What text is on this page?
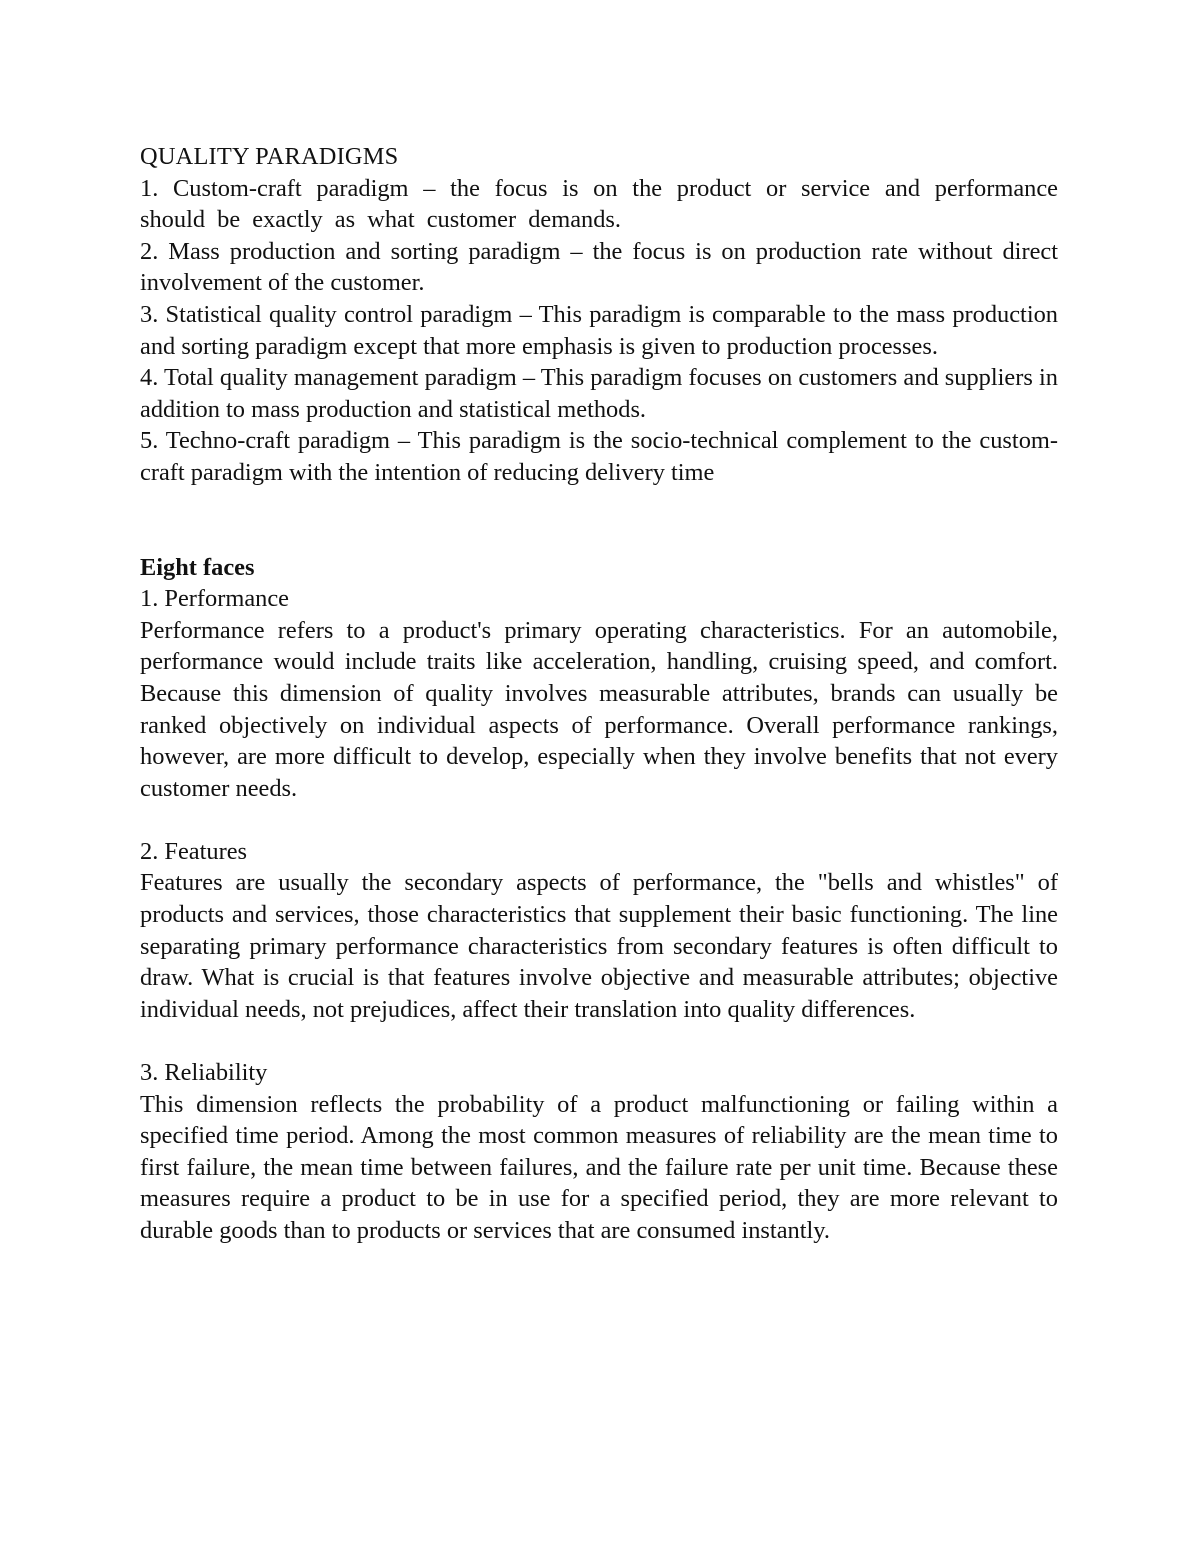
QUALITY PARADIGMS

1. Custom-craft paradigm – the focus is on the product or service and performance should be exactly as what customer demands.

2. Mass production and sorting paradigm – the focus is on production rate without direct involvement of the customer.

3. Statistical quality control paradigm – This paradigm is comparable to the mass production and sorting paradigm except that more emphasis is given to production processes.

4. Total quality management paradigm – This paradigm focuses on customers and suppliers in addition to mass production and statistical methods.

5. Techno-craft paradigm – This paradigm is the socio-technical complement to the custom-craft paradigm with the intention of reducing delivery time

Eight faces

1. Performance

Performance refers to a product's primary operating characteristics. For an automobile, performance would include traits like acceleration, handling, cruising speed, and comfort. Because this dimension of quality involves measurable attributes, brands can usually be ranked objectively on individual aspects of performance. Overall performance rankings, however, are more difficult to develop, especially when they involve benefits that not every customer needs.

2. Features

Features are usually the secondary aspects of performance, the "bells and whistles" of products and services, those characteristics that supplement their basic functioning. The line separating primary performance characteristics from secondary features is often difficult to draw. What is crucial is that features involve objective and measurable attributes; objective individual needs, not prejudices, affect their translation into quality differences.

3. Reliability

This dimension reflects the probability of a product malfunctioning or failing within a specified time period. Among the most common measures of reliability are the mean time to first failure, the mean time between failures, and the failure rate per unit time. Because these measures require a product to be in use for a specified period, they are more relevant to durable goods than to products or services that are consumed instantly.
